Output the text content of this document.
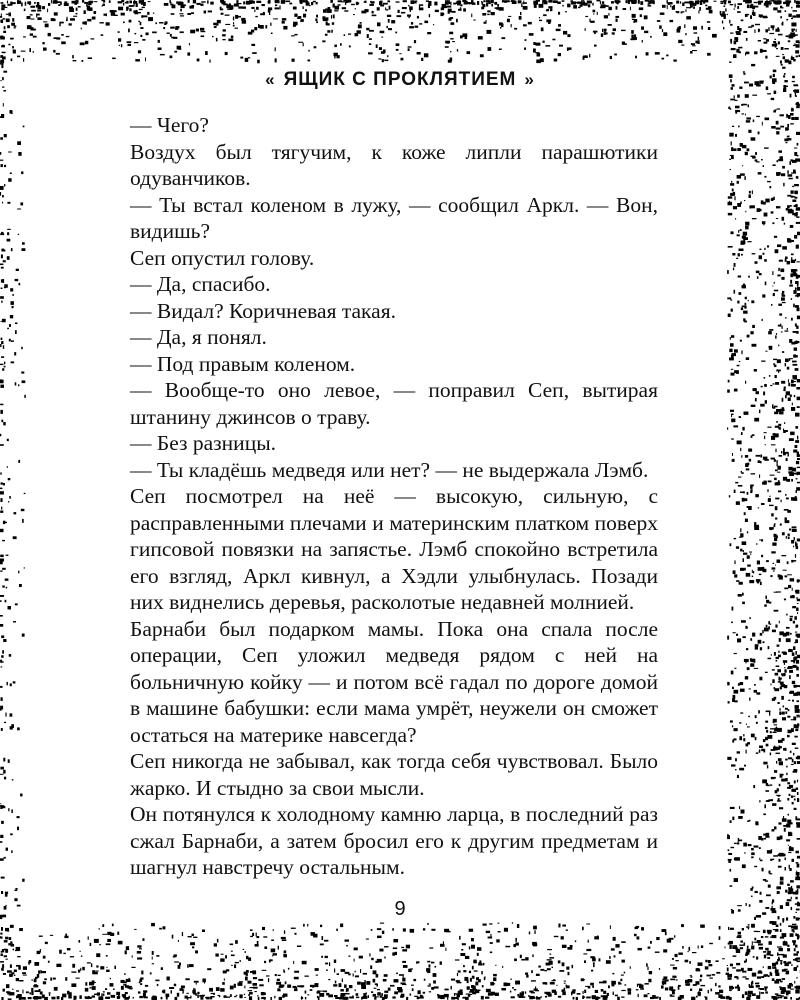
« ЯЩИК С ПРОКЛЯТИЕМ »

— Чего?

Воздух был тягучим, к коже липли парашютики одуванчиков.

— Ты встал коленом в лужу, — сообщил Аркл. — Вон, видишь?

Сеп опустил голову.

— Да, спасибо.

— Видал? Коричневая такая.

— Да, я понял.

— Под правым коленом.

— Вообще-то оно левое, — поправил Сеп, вытирая штанину джинсов о траву.

— Без разницы.

— Ты кладёшь медведя или нет? — не выдержала Лэмб.

Сеп посмотрел на неё — высокую, сильную, с расправленными плечами и материнским платком поверх гипсовой повязки на запястье. Лэмб спокойно встретила его взгляд, Аркл кивнул, а Хэдли улыбнулась. Позади них виднелись деревья, расколотые недавней молнией.

Барнаби был подарком мамы. Пока она спала после операции, Сеп уложил медведя рядом с ней на больничную койку — и потом всё гадал по дороге домой в машине бабушки: если мама умрёт, неужели он сможет остаться на материке навсегда?

Сеп никогда не забывал, как тогда себя чувствовал. Было жарко. И стыдно за свои мысли.

Он потянулся к холодному камню ларца, в последний раз сжал Барнаби, а затем бросил его к другим предметам и шагнул навстречу остальным.

9
